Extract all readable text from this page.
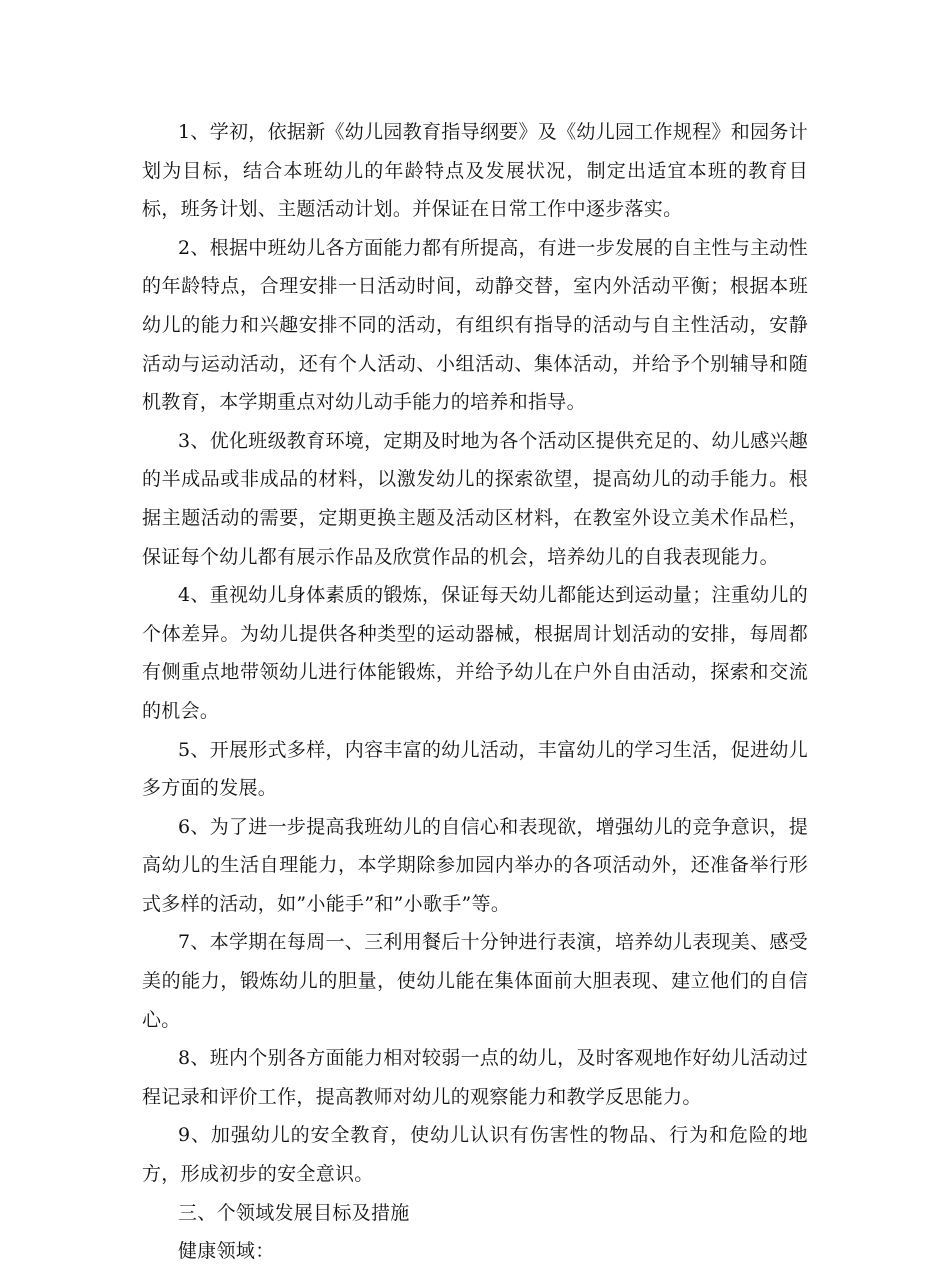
1、学初，依据新《幼儿园教育指导纲要》及《幼儿园工作规程》和园务计划为目标，结合本班幼儿的年龄特点及发展状况，制定出适宜本班的教育目标，班务计划、主题活动计划。并保证在日常工作中逐步落实。

2、根据中班幼儿各方面能力都有所提高，有进一步发展的自主性与主动性的年龄特点，合理安排一日活动时间，动静交替，室内外活动平衡；根据本班幼儿的能力和兴趣安排不同的活动，有组织有指导的活动与自主性活动，安静活动与运动活动，还有个人活动、小组活动、集体活动，并给予个别辅导和随机教育，本学期重点对幼儿动手能力的培养和指导。

3、优化班级教育环境，定期及时地为各个活动区提供充足的、幼儿感兴趣的半成品或非成品的材料，以激发幼儿的探索欲望，提高幼儿的动手能力。根据主题活动的需要，定期更换主题及活动区材料，在教室外设立美术作品栏，保证每个幼儿都有展示作品及欣赏作品的机会，培养幼儿的自我表现能力。

4、重视幼儿身体素质的锻炼，保证每天幼儿都能达到运动量；注重幼儿的个体差异。为幼儿提供各种类型的运动器械，根据周计划活动的安排，每周都有侧重点地带领幼儿进行体能锻炼，并给予幼儿在户外自由活动，探索和交流的机会。

5、开展形式多样，内容丰富的幼儿活动，丰富幼儿的学习生活，促进幼儿多方面的发展。

6、为了进一步提高我班幼儿的自信心和表现欲，增强幼儿的竞争意识，提高幼儿的生活自理能力，本学期除参加园内举办的各项活动外，还准备举行形式多样的活动，如”小能手”和”小歌手”等。

7、本学期在每周一、三利用餐后十分钟进行表演，培养幼儿表现美、感受美的能力，锻炼幼儿的胆量，使幼儿能在集体面前大胆表现、建立他们的自信心。

8、班内个别各方面能力相对较弱一点的幼儿，及时客观地作好幼儿活动过程记录和评价工作，提高教师对幼儿的观察能力和教学反思能力。

9、加强幼儿的安全教育，使幼儿认识有伤害性的物品、行为和危险的地方，形成初步的安全意识。

三、个领域发展目标及措施

健康领域：
